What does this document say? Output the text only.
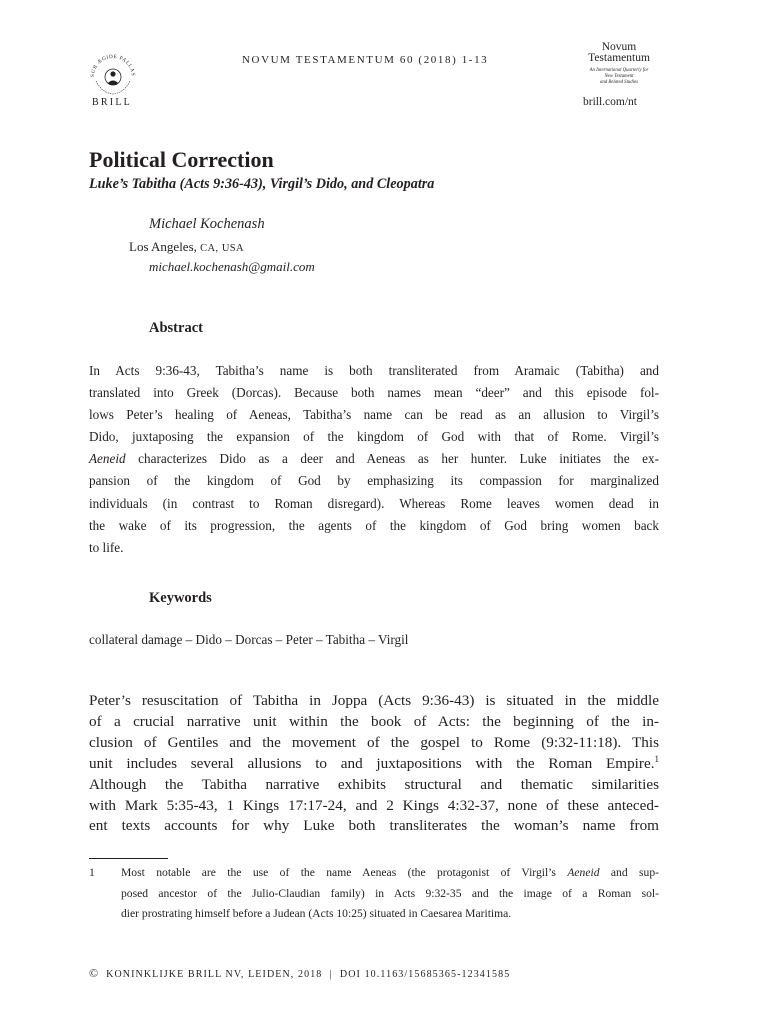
SUB ÆGIDE PALLAS
BRILL
NOVUM TESTAMENTUM 60 (2018) 1-13
Novum
Testamentum
An International Quarterly for
New Testament
and Related Studies
brill.com/nt
Political Correction
Luke’s Tabitha (Acts 9:36-43), Virgil’s Dido, and Cleopatra
Michael Kochenash
Los Angeles, CA, USA
michael.kochenash@gmail.com
Abstract
In Acts 9:36-43, Tabitha’s name is both transliterated from Aramaic (Tabitha) and
translated into Greek (Dorcas). Because both names mean “deer” and this episode fol-
lows Peter’s healing of Aeneas, Tabitha’s name can be read as an allusion to Virgil’s
Dido, juxtaposing the expansion of the kingdom of God with that of Rome. Virgil’s
Aeneid characterizes Dido as a deer and Aeneas as her hunter. Luke initiates the ex-
pansion of the kingdom of God by emphasizing its compassion for marginalized
individuals (in contrast to Roman disregard). Whereas Rome leaves women dead in
the wake of its progression, the agents of the kingdom of God bring women back
to life.
Keywords
collateral damage – Dido – Dorcas – Peter – Tabitha – Virgil
Peter’s resuscitation of Tabitha in Joppa (Acts 9:36-43) is situated in the middle
of a crucial narrative unit within the book of Acts: the beginning of the in-
clusion of Gentiles and the movement of the gospel to Rome (9:32-11:18). This
unit includes several allusions to and juxtapositions with the Roman Empire.$^1$
Although the Tabitha narrative exhibits structural and thematic similarities
with Mark 5:35-43, 1 Kings 17:17-24, and 2 Kings 4:32-37, none of these anteced-
ent texts accounts for why Luke both transliterates the woman’s name from
1 Most notable are the use of the name Aeneas (the protagonist of Virgil’s Aeneid and sup-
posed ancestor of the Julio-Claudian family) in Acts 9:32-35 and the image of a Roman sol-
dier prostrating himself before a Judean (Acts 10:25) situated in Caesarea Maritima.
© KONINKLIJKE BRILL NV, LEIDEN, 2018  |  DOI 10.1163/15685365-12341585
